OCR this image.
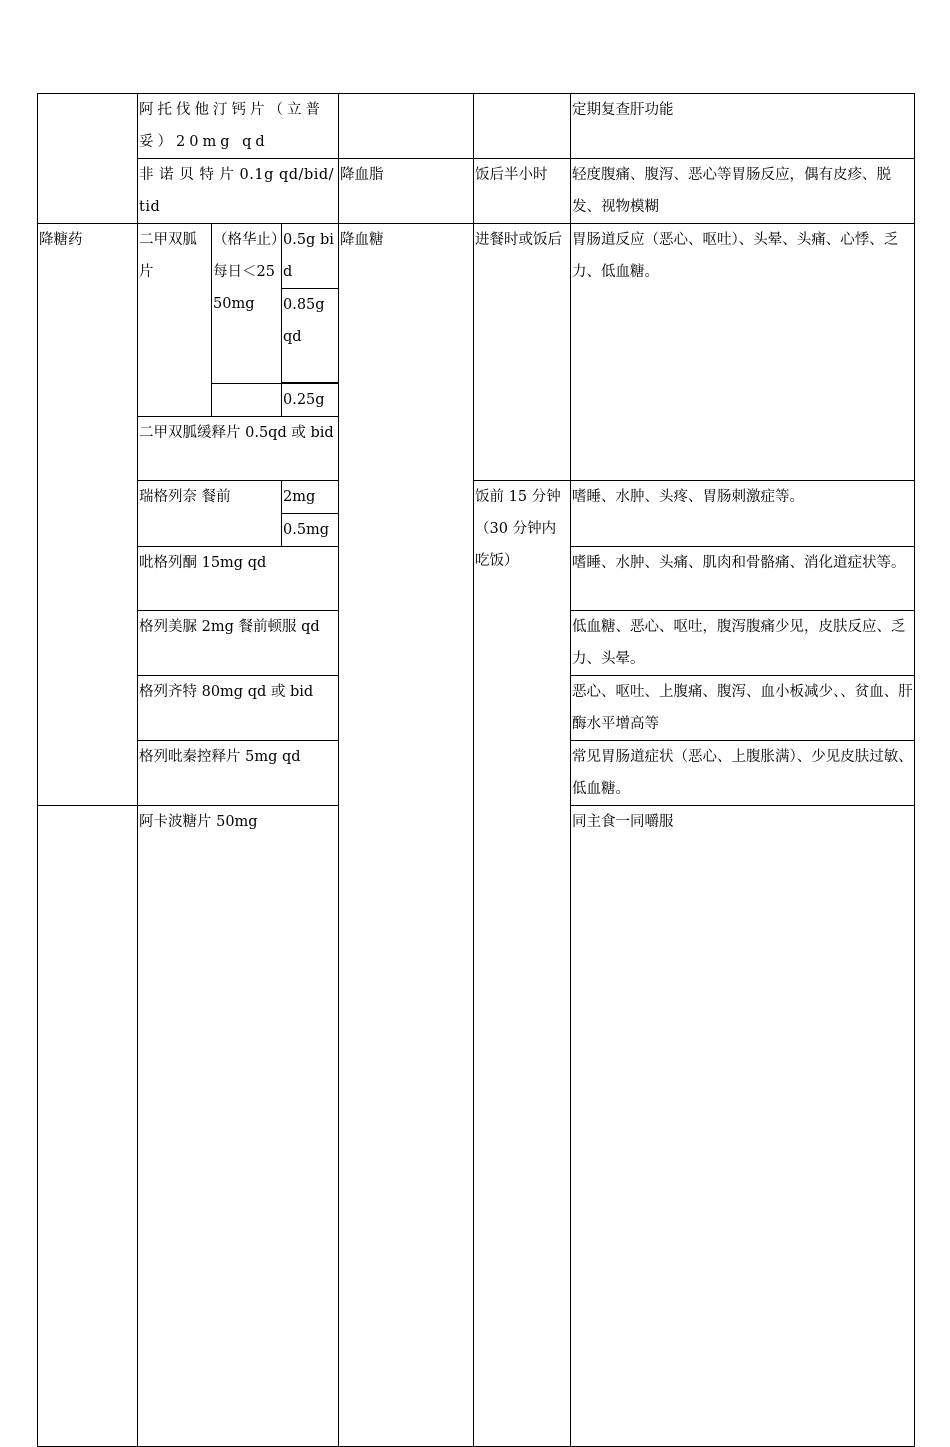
	阿托伐他汀钙片（立普妥）20mg qd					定期复查肝功能	
	非 诺 贝 特 片 0.1g qd/bid/tid			降血脂	饭后半小时	轻度腹痛、腹泻、恶心等胃肠反应，偶有皮疹、脱发、视物模糊	
降糖药	二甲双胍片	（格华止）每日＜2550mg	0.5g bid	降血糖	进餐时或饭后	胃肠道反应（恶心、呕吐）、头晕、头痛、心悸、乏力、低血糖。	
			0.85g qd				

			0.25g				
	二甲双胍缓释片 0.5qd 或 bid						

	瑞格列奈 餐前		2mg		饭前 15 分钟（30 分钟内吃饭）	嗜睡、水肿、头疼、胃肠刺激症等。	
			0.5mg				
	吡格列酮 15mg qd					嗜睡、水肿、头痛、肌肉和骨骼痛、消化道症状等。	
	格列美脲 2mg 餐前顿服 qd					低血糖、恶心、呕吐，腹泻腹痛少见，皮肤反应、乏力、头晕。	
	格列齐特 80mg qd 或 bid					恶心、呕吐、上腹痛、腹泻、血小板减少、、贫血、肝酶水平增高等	
	格列吡秦控释片 5mg qd					常见胃肠道症状（恶心、上腹胀满）、少见皮肤过敏、低血糖。	
	阿卡波糖片 50mg					同主食一同嚼服	
